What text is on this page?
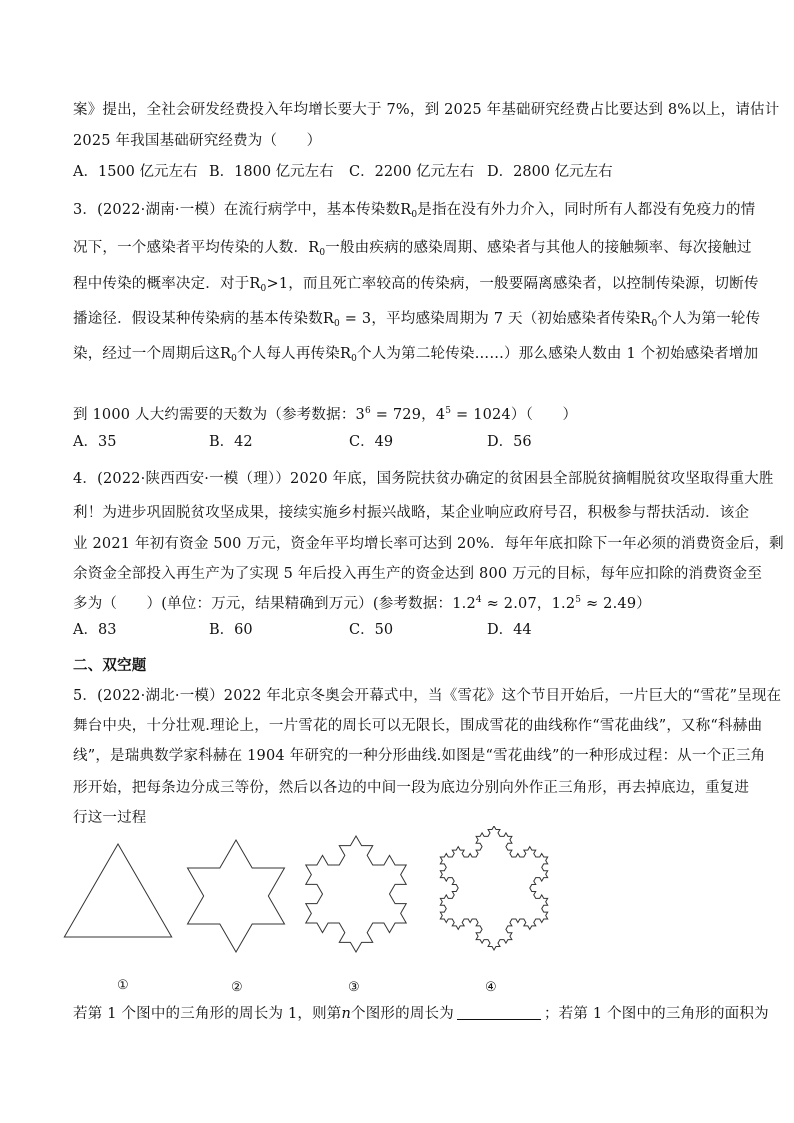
案》提出，全社会研发经费投入年均增长要大于 7%，到 2025 年基础研究经费占比要达到 8%以上，请估计
2025 年我国基础研究经费为（　　）
A．1500 亿元左右 B．1800 亿元左右 C．2200 亿元左右 D．2800 亿元左右
3．(2022·湖南·一模）在流行病学中，基本传染数$R_0$是指在没有外力介入，同时所有人都没有免疫力的情
况下，一个感染者平均传染的人数．$R_0$一般由疾病的感染周期、感染者与其他人的接触频率、每次接触过
程中传染的概率决定．对于$R_0>1$，而且死亡率较高的传染病，一般要隔离感染者，以控制传染源，切断传
播途径．假设某种传染病的基本传染数$R_0 = 3$，平均感染周期为 7 天（初始感染者传染$R_0$个人为第一轮传
染，经过一个周期后这$R_0$个人每人再传染$R_0$个人为第二轮传染……）那么感染人数由 1 个初始感染者增加
到 1000 人大约需要的天数为（参考数据：$3^6 = 729$，$4^5 = 1024$）（　　）
A．35	B．42	C．49	D．56
4．(2022·陕西西安·一模（理））2020 年底，国务院扶贫办确定的贫困县全部脱贫摘帽脱贫攻坚取得重大胜
利！为进步巩固脱贫攻坚成果，接续实施乡村振兴战略，某企业响应政府号召，积极参与帮扶活动．该企
业 2021 年初有资金 500 万元，资金年平均增长率可达到 20%．每年年底扣除下一年必须的消费资金后，剩
余资金全部投入再生产为了实现 5 年后投入再生产的资金达到 800 万元的目标，每年应扣除的消费资金至
多为（　　）(单位：万元，结果精确到万元）(参考数据：$1.2^4 \approx 2.07$，$1.2^5 \approx 2.49$）
A．83	B．60	C．50	D．44
二、双空题
5．(2022·湖北·一模）2022 年北京冬奥会开幕式中，当《雪花》这个节目开始后，一片巨大的“雪花”呈现在
舞台中央，十分壮观.理论上，一片雪花的周长可以无限长，围成雪花的曲线称作“雪花曲线”，又称“科赫曲
线”，是瑞典数学家科赫在 1904 年研究的一种分形曲线.如图是“雪花曲线”的一种形成过程：从一个正三角
形开始，把每条边分成三等份，然后以各边的中间一段为底边分别向外作正三角形，再去掉底边，重复进
行这一过程
①	②	③	④
若第 1 个图中的三角形的周长为 1，则第n个图形的周长为	；若第 1 个图中的三角形的面积为
